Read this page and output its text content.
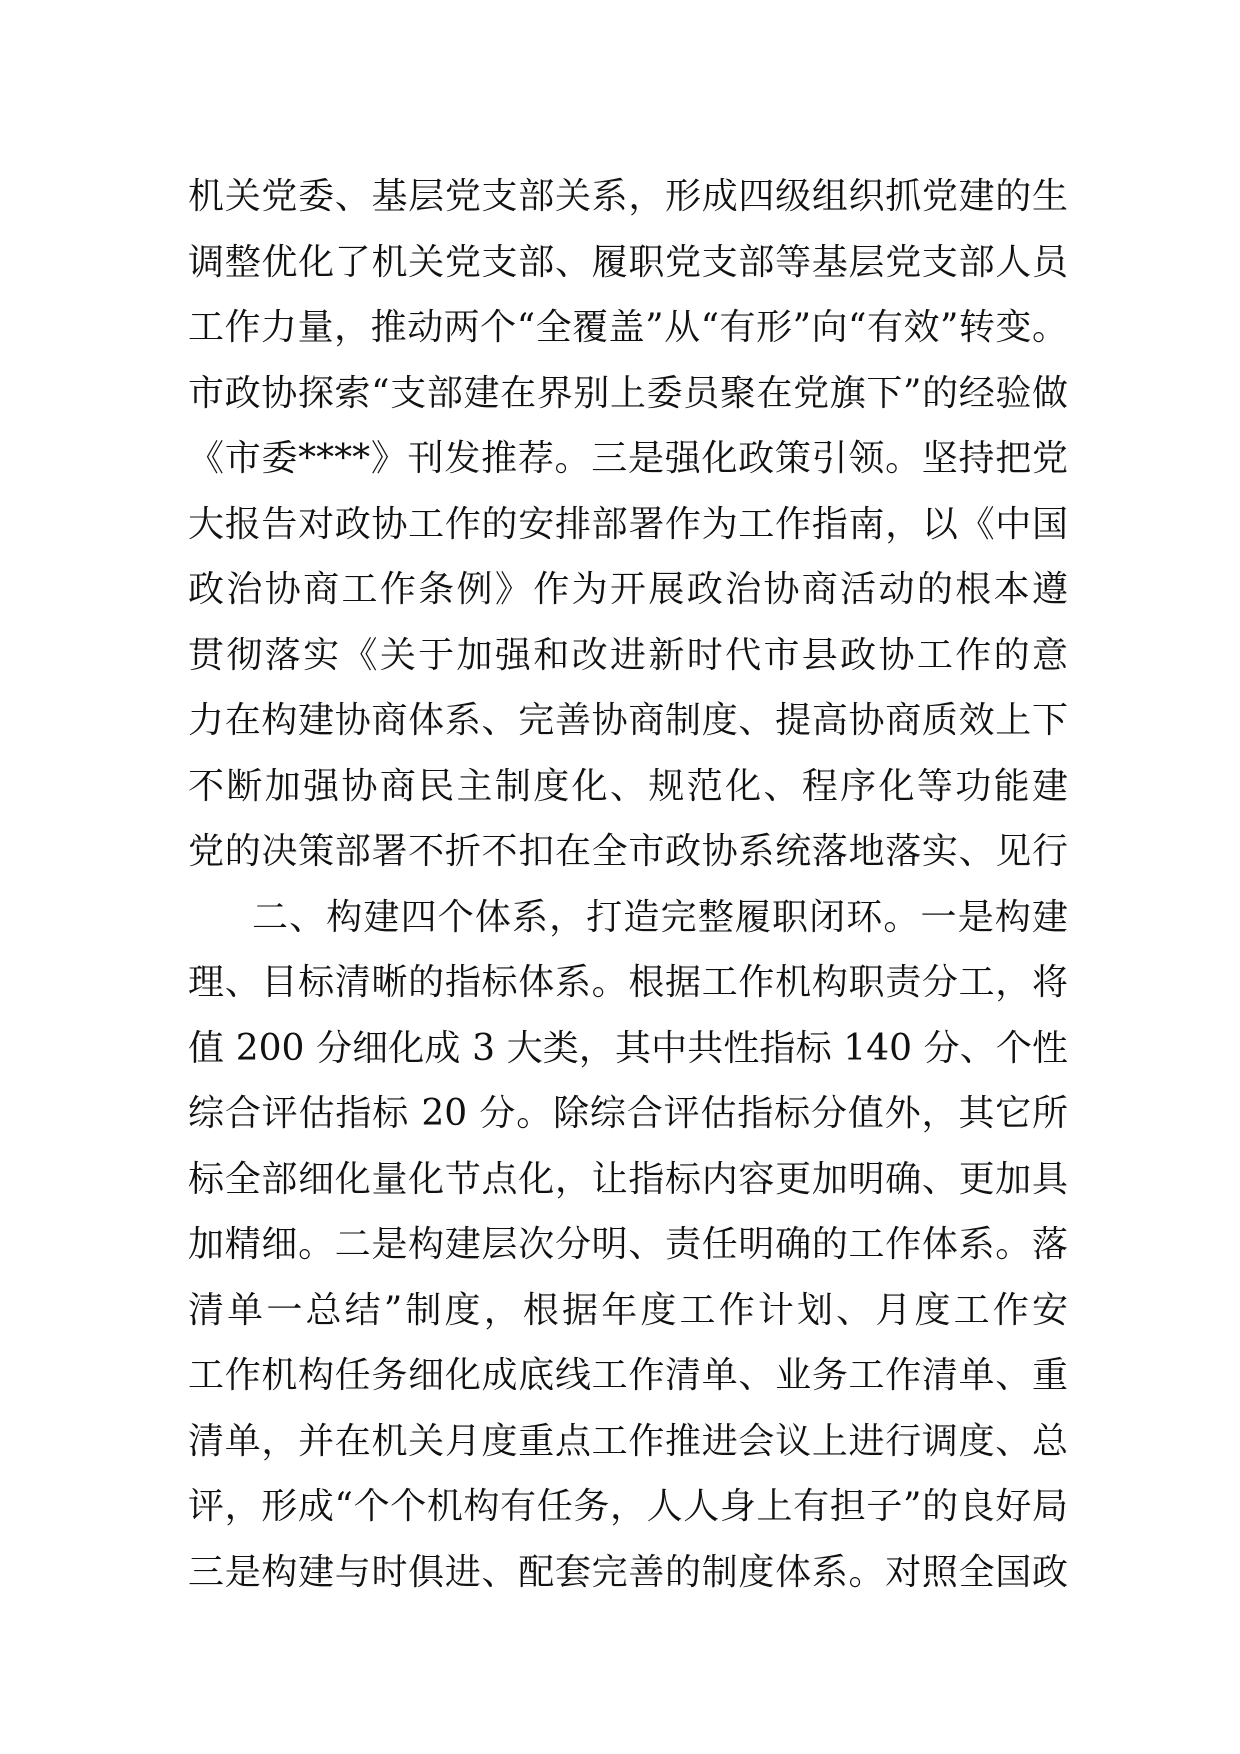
机关党委、基层党支部关系，形成四级组织抓党建的生
调整优化了机关党支部、履职党支部等基层党支部人员
工作力量，推动两个“全覆盖”从“有形”向“有效”转变。
市政协探索“支部建在界别上委员聚在党旗下”的经验做
《市委****》刊发推荐。三是强化政策引领。坚持把党
大报告对政协工作的安排部署作为工作指南，以《中国
政治协商工作条例》作为开展政治协商活动的根本遵
贯彻落实《关于加强和改进新时代市县政协工作的意
力在构建协商体系、完善协商制度、提高协商质效上下
不断加强协商民主制度化、规范化、程序化等功能建
党的决策部署不折不扣在全市政协系统落地落实、见行
二、构建四个体系，打造完整履职闭环。一是构建
理、目标清晰的指标体系。根据工作机构职责分工，将
值 200 分细化成 3 大类，其中共性指标 140 分、个性
综合评估指标 20 分。除综合评估指标分值外，其它所
标全部细化量化节点化，让指标内容更加明确、更加具
加精细。二是构建层次分明、责任明确的工作体系。落
清单一总结”制度，根据年度工作计划、月度工作安
工作机构任务细化成底线工作清单、业务工作清单、重
清单，并在机关月度重点工作推进会议上进行调度、总
评，形成“个个机构有任务，人人身上有担子”的良好局
三是构建与时俱进、配套完善的制度体系。对照全国政
